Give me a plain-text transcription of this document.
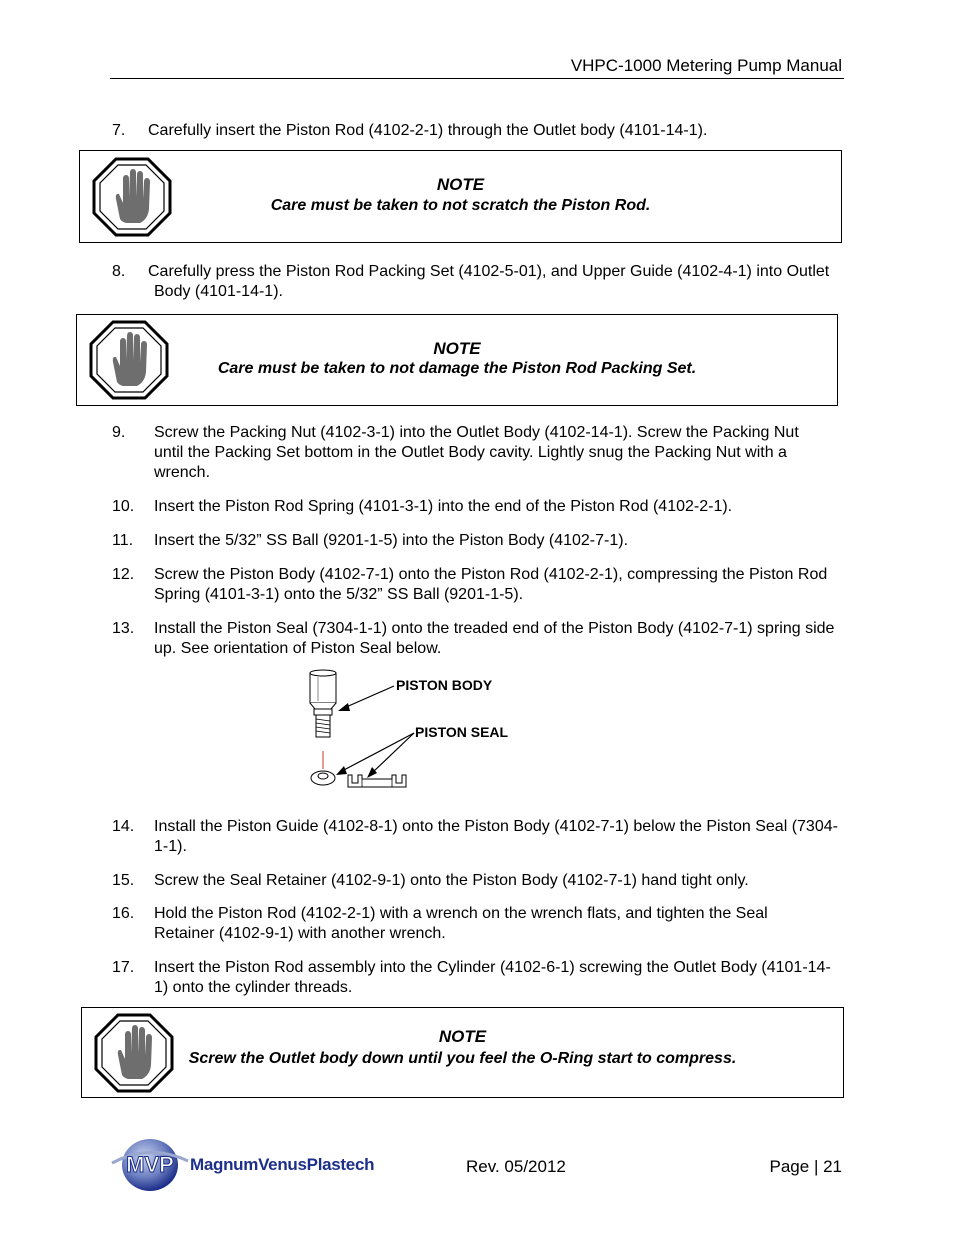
VHPC-1000 Metering Pump Manual
7.	Carefully insert the Piston Rod (4102-2-1) through the Outlet body (4101-14-1).
NOTE
Care must be taken to not scratch the Piston Rod.
8.	Carefully press the Piston Rod Packing Set (4102-5-01), and Upper Guide (4102-4-1) into Outlet Body (4101-14-1).
NOTE
Care must be taken to not damage the Piston Rod Packing Set.
9.	Screw the Packing Nut (4102-3-1) into the Outlet Body (4102-14-1). Screw the Packing Nut until the Packing Set bottom in the Outlet Body cavity. Lightly snug the Packing Nut with a wrench.
10.	Insert the Piston Rod Spring (4101-3-1) into the end of the Piston Rod (4102-2-1).
11.	Insert the 5/32” SS Ball (9201-1-5) into the Piston Body (4102-7-1).
12.	Screw the Piston Body (4102-7-1) onto the Piston Rod (4102-2-1), compressing the Piston Rod Spring (4101-3-1) onto the 5/32” SS Ball (9201-1-5).
13.	Install the Piston Seal (7304-1-1) onto the treaded end of the Piston Body (4102-7-1) spring side up. See orientation of Piston Seal below.
PISTON BODY
PISTON SEAL
14.	Install the Piston Guide (4102-8-1) onto the Piston Body (4102-7-1) below the Piston Seal (7304-1-1).
15.	Screw the Seal Retainer (4102-9-1) onto the Piston Body (4102-7-1) hand tight only.
16.	Hold the Piston Rod (4102-2-1) with a wrench on the wrench flats, and tighten the Seal Retainer (4102-9-1) with another wrench.
17.	Insert the Piston Rod assembly into the Cylinder (4102-6-1) screwing the Outlet Body (4101-14-1) onto the cylinder threads.
NOTE
Screw the Outlet body down until you feel the O-Ring start to compress.
MVP MagnumVenusPlastech	Rev. 05/2012	Page | 21
